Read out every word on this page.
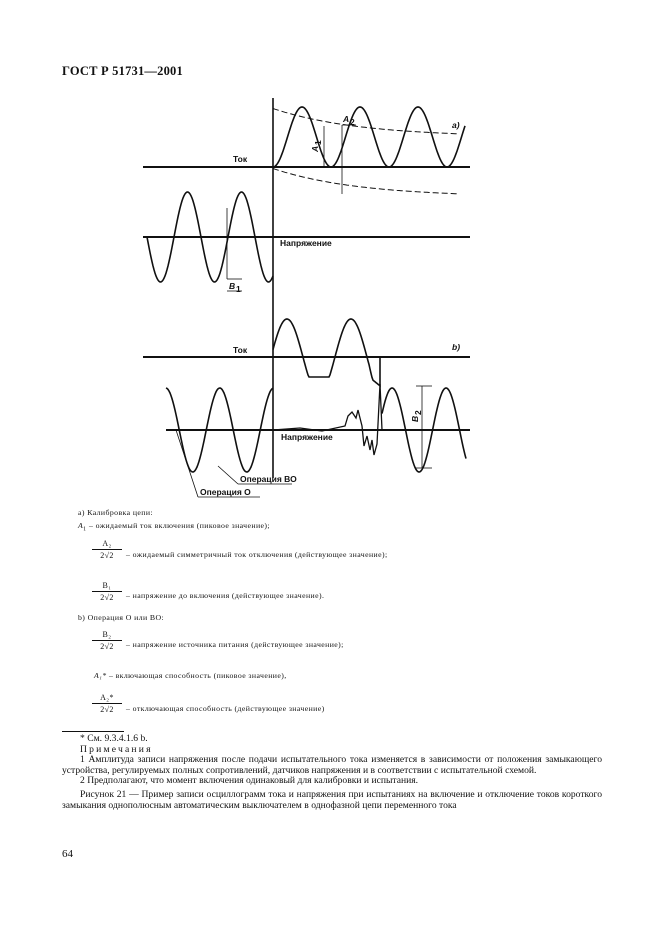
ГОСТ Р 51731—2001
a)
b)
Ток
Напряжение
Ток
Напряжение
A
1
A 2
B 1
B
2
Операция ВО
Операция О
a) Калибровка цепи:
$A_1$ – ожидаемый ток включения (пиковое значение);
$\frac{\text{A₂}}{2√2}$ – ожидаемый симметричный ток отключения (действующее значение);
$\frac{\text{B₁}}{2√2}$ – напряжение до включения (действующее значение).
b) Операция О или ВО:
$\frac{\text{B₂}}{2√2}$ – напряжение источника питания (действующее значение);
A₁* – включающая способность (пиковое значение),
$\frac{\text{A₂*}}{2√2}$ – отключающая способность (действующее значение)

* См. 9.3.4.1.6 b.

Примечания

1 Амплитуда записи напряжения после подачи испытательного тока изменяется в зависимости от положения замыкающего устройства, регулируемых полных сопротивлений, датчиков напряжения и в соответствии с испытательной схемой.

2 Предполагают, что момент включения одинаковый для калибровки и испытания.

Рисунок 21 — Пример записи осциллограмм тока и напряжения при испытаниях на включение и отключение токов короткого замыкания однополюсным автоматическим выключателем в однофазной цепи переменного тока

64
